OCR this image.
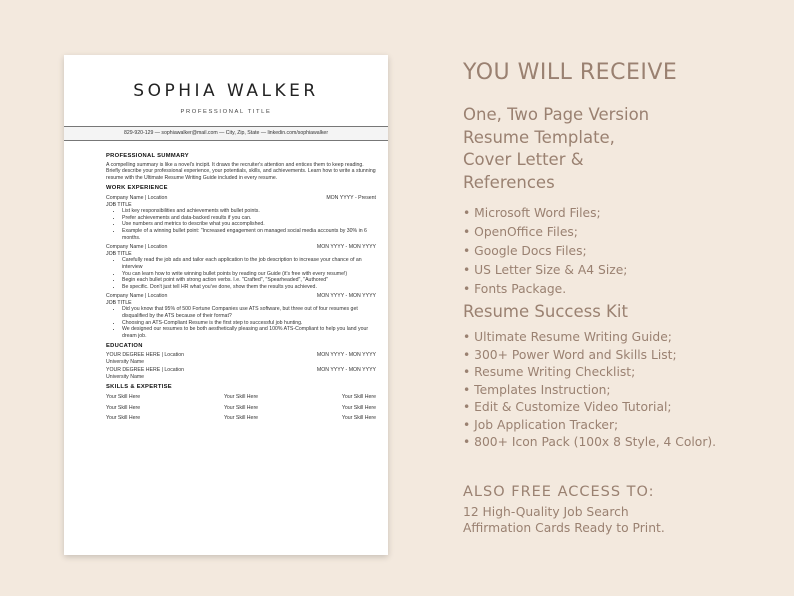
SOPHIA WALKER
PROFESSIONAL TITLE
829-920-129 — sophiawalker@mail.com — City, Zip, State — linkedin.com/sophiawalker
PROFESSIONAL SUMMARY
A compelling summary is like a novel's incipit. It draws the recruiter's attention and entices them to keep reading. Briefly describe your professional experience, your potentials, skills, and achievements. Learn how to write a stunning resume with the Ultimate Resume Writing Guide included in every resume.
WORK EXPERIENCE
Company Name | Location	MON YYYY - Present
JOB TITLE
• List key responsibilities and achievements with bullet points.
• Prefer achievements and data-backed results if you can.
• Use numbers and metrics to describe what you accomplished.
• Example of a winning bullet point: "Increased engagement on managed social media accounts by 30% in 6 months.
Company Name | Location	MON YYYY - MON YYYY
JOB TITLE
• Carefully read the job ads and tailor each application to the job description to increase your chance of an interview
• You can learn how to write winning bullet points by reading our Guide (it's free with every resume!)
• Begin each bullet point with strong action verbs. I.e. "Crafted", "Spearheaded", "Authored"
• Be specific. Don't just tell HR what you've done, show them the results you achieved.
Company Name | Location	MON YYYY - MON YYYY
JOB TITLE
• Did you know that 95% of 500 Fortune Companies use ATS software, but three out of four resumes get disqualified by the ATS because of their format?
• Choosing an ATS-Compliant Resume is the first step to successful job hunting.
• We designed our resumes to be both aesthetically pleasing and 100% ATS-Compliant to help you land your dream job.
EDUCATION
YOUR DEGREE HERE | Location	MON YYYY - MON YYYY
University Name
YOUR DEGREE HERE | Location	MON YYYY - MON YYYY
University Name
SKILLS & EXPERTISE
Your Skill Here	Your Skill Here	Your Skill Here
Your Skill Here	Your Skill Here	Your Skill Here
Your Skill Here	Your Skill Here	Your Skill Here
YOU WILL RECEIVE
One, Two Page Version
Resume Template,
Cover Letter &
References
• Microsoft Word Files;
• OpenOffice Files;
• Google Docs Files;
• US Letter Size & A4 Size;
• Fonts Package.
Resume Success Kit
• Ultimate Resume Writing Guide;
• 300+ Power Word and Skills List;
• Resume Writing Checklist;
• Templates Instruction;
• Edit & Customize Video Tutorial;
• Job Application Tracker;
• 800+ Icon Pack (100x 8 Style, 4 Color).
ALSO FREE ACCESS TO:
12 High-Quality Job Search
Affirmation Cards Ready to Print.
